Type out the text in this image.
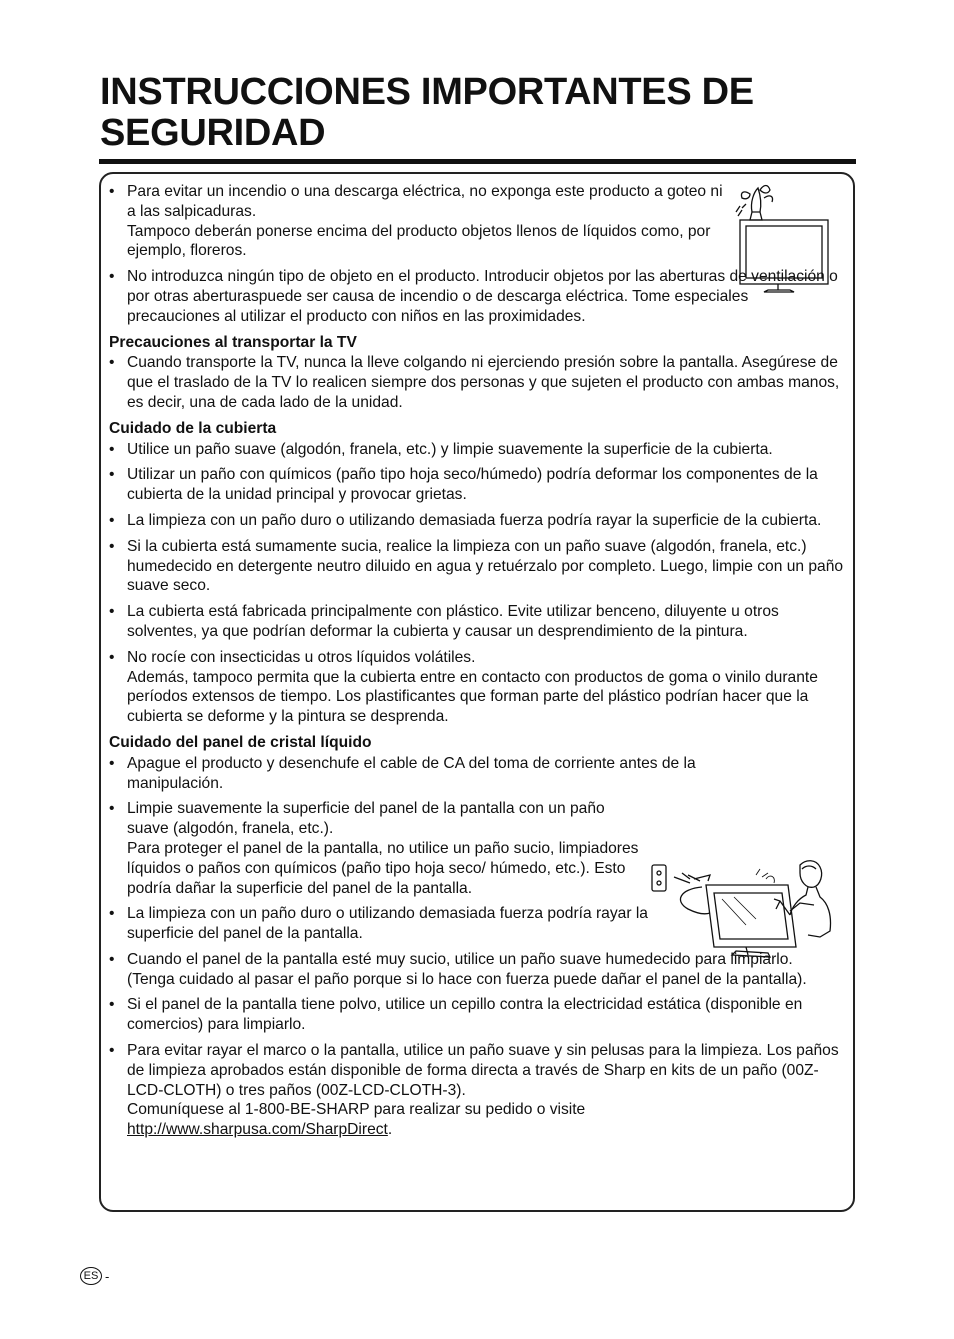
INSTRUCCIONES IMPORTANTES DE SEGURIDAD
• Para evitar un incendio o una descarga eléctrica, no exponga este producto a goteo ni a las salpicaduras.

Tampoco deberán ponerse encima del producto objetos llenos de líquidos como, por ejemplo, floreros.

• No introduzca ningún tipo de objeto en el producto. Introducir objetos por las aberturas de ventilación o por otras aberturaspuede ser causa de incendio o de descarga eléctrica. Tome especiales precauciones al utilizar el producto con niños en las proximidades.

Precauciones al transportar la TV
• Cuando transporte la TV, nunca la lleve colgando ni ejerciendo presión sobre la pantalla. Asegúrese de que el traslado de la TV lo realicen siempre dos personas y que sujeten el producto con ambas manos, es decir, una de cada lado de la unidad.

Cuidado de la cubierta
• Utilice un paño suave (algodón, franela, etc.) y limpie suavemente la superficie de la cubierta.

• Utilizar un paño con químicos (paño tipo hoja seco/húmedo) podría deformar los componentes de la cubierta de la unidad principal y provocar grietas.

• La limpieza con un paño duro o utilizando demasiada fuerza podría rayar la superficie de la cubierta.

• Si la cubierta está sumamente sucia, realice la limpieza con un paño suave (algodón, franela, etc.) humedecido en detergente neutro diluido en agua y retuérzalo por completo. Luego, limpie con un paño suave seco.

• La cubierta está fabricada principalmente con plástico. Evite utilizar benceno, diluyente u otros solventes, ya que podrían deformar la cubierta y causar un desprendimiento de la pintura.

• No rocíe con insecticidas u otros líquidos volátiles.

Además, tampoco permita que la cubierta entre en contacto con productos de goma o vinilo durante períodos extensos de tiempo. Los plastificantes que forman parte del plástico podrían hacer que la cubierta se deforme y la pintura se desprenda.

Cuidado del panel de cristal líquido
• Apague el producto y desenchufe el cable de CA del toma de corriente antes de la manipulación.

• Limpie suavemente la superficie del panel de la pantalla con un paño suave (algodón, franela, etc.).

Para proteger el panel de la pantalla, no utilice un paño sucio, limpiadores líquidos o paños con químicos (paño tipo hoja seco/ húmedo, etc.). Esto podría dañar la superficie del panel de la pantalla.

• La limpieza con un paño duro o utilizando demasiada fuerza podría rayar la superficie del panel de la pantalla.

• Cuando el panel de la pantalla esté muy sucio, utilice un paño suave humedecido para limpiarlo. (Tenga cuidado al pasar el paño porque si lo hace con fuerza puede dañar el panel de la pantalla).

• Si el panel de la pantalla tiene polvo, utilice un cepillo contra la electricidad estática (disponible en comercios) para limpiarlo.

• Para evitar rayar el marco o la pantalla, utilice un paño suave y sin pelusas para la limpieza. Los paños de limpieza aprobados están disponible de forma directa a través de Sharp en kits de un paño (00Z-LCD-CLOTH) o tres paños (00Z-LCD-CLOTH-3).

Comuníquese al 1-800-BE-SHARP para realizar su pedido o visite

http://www.sharpusa.com/SharpDirect.

ES -
